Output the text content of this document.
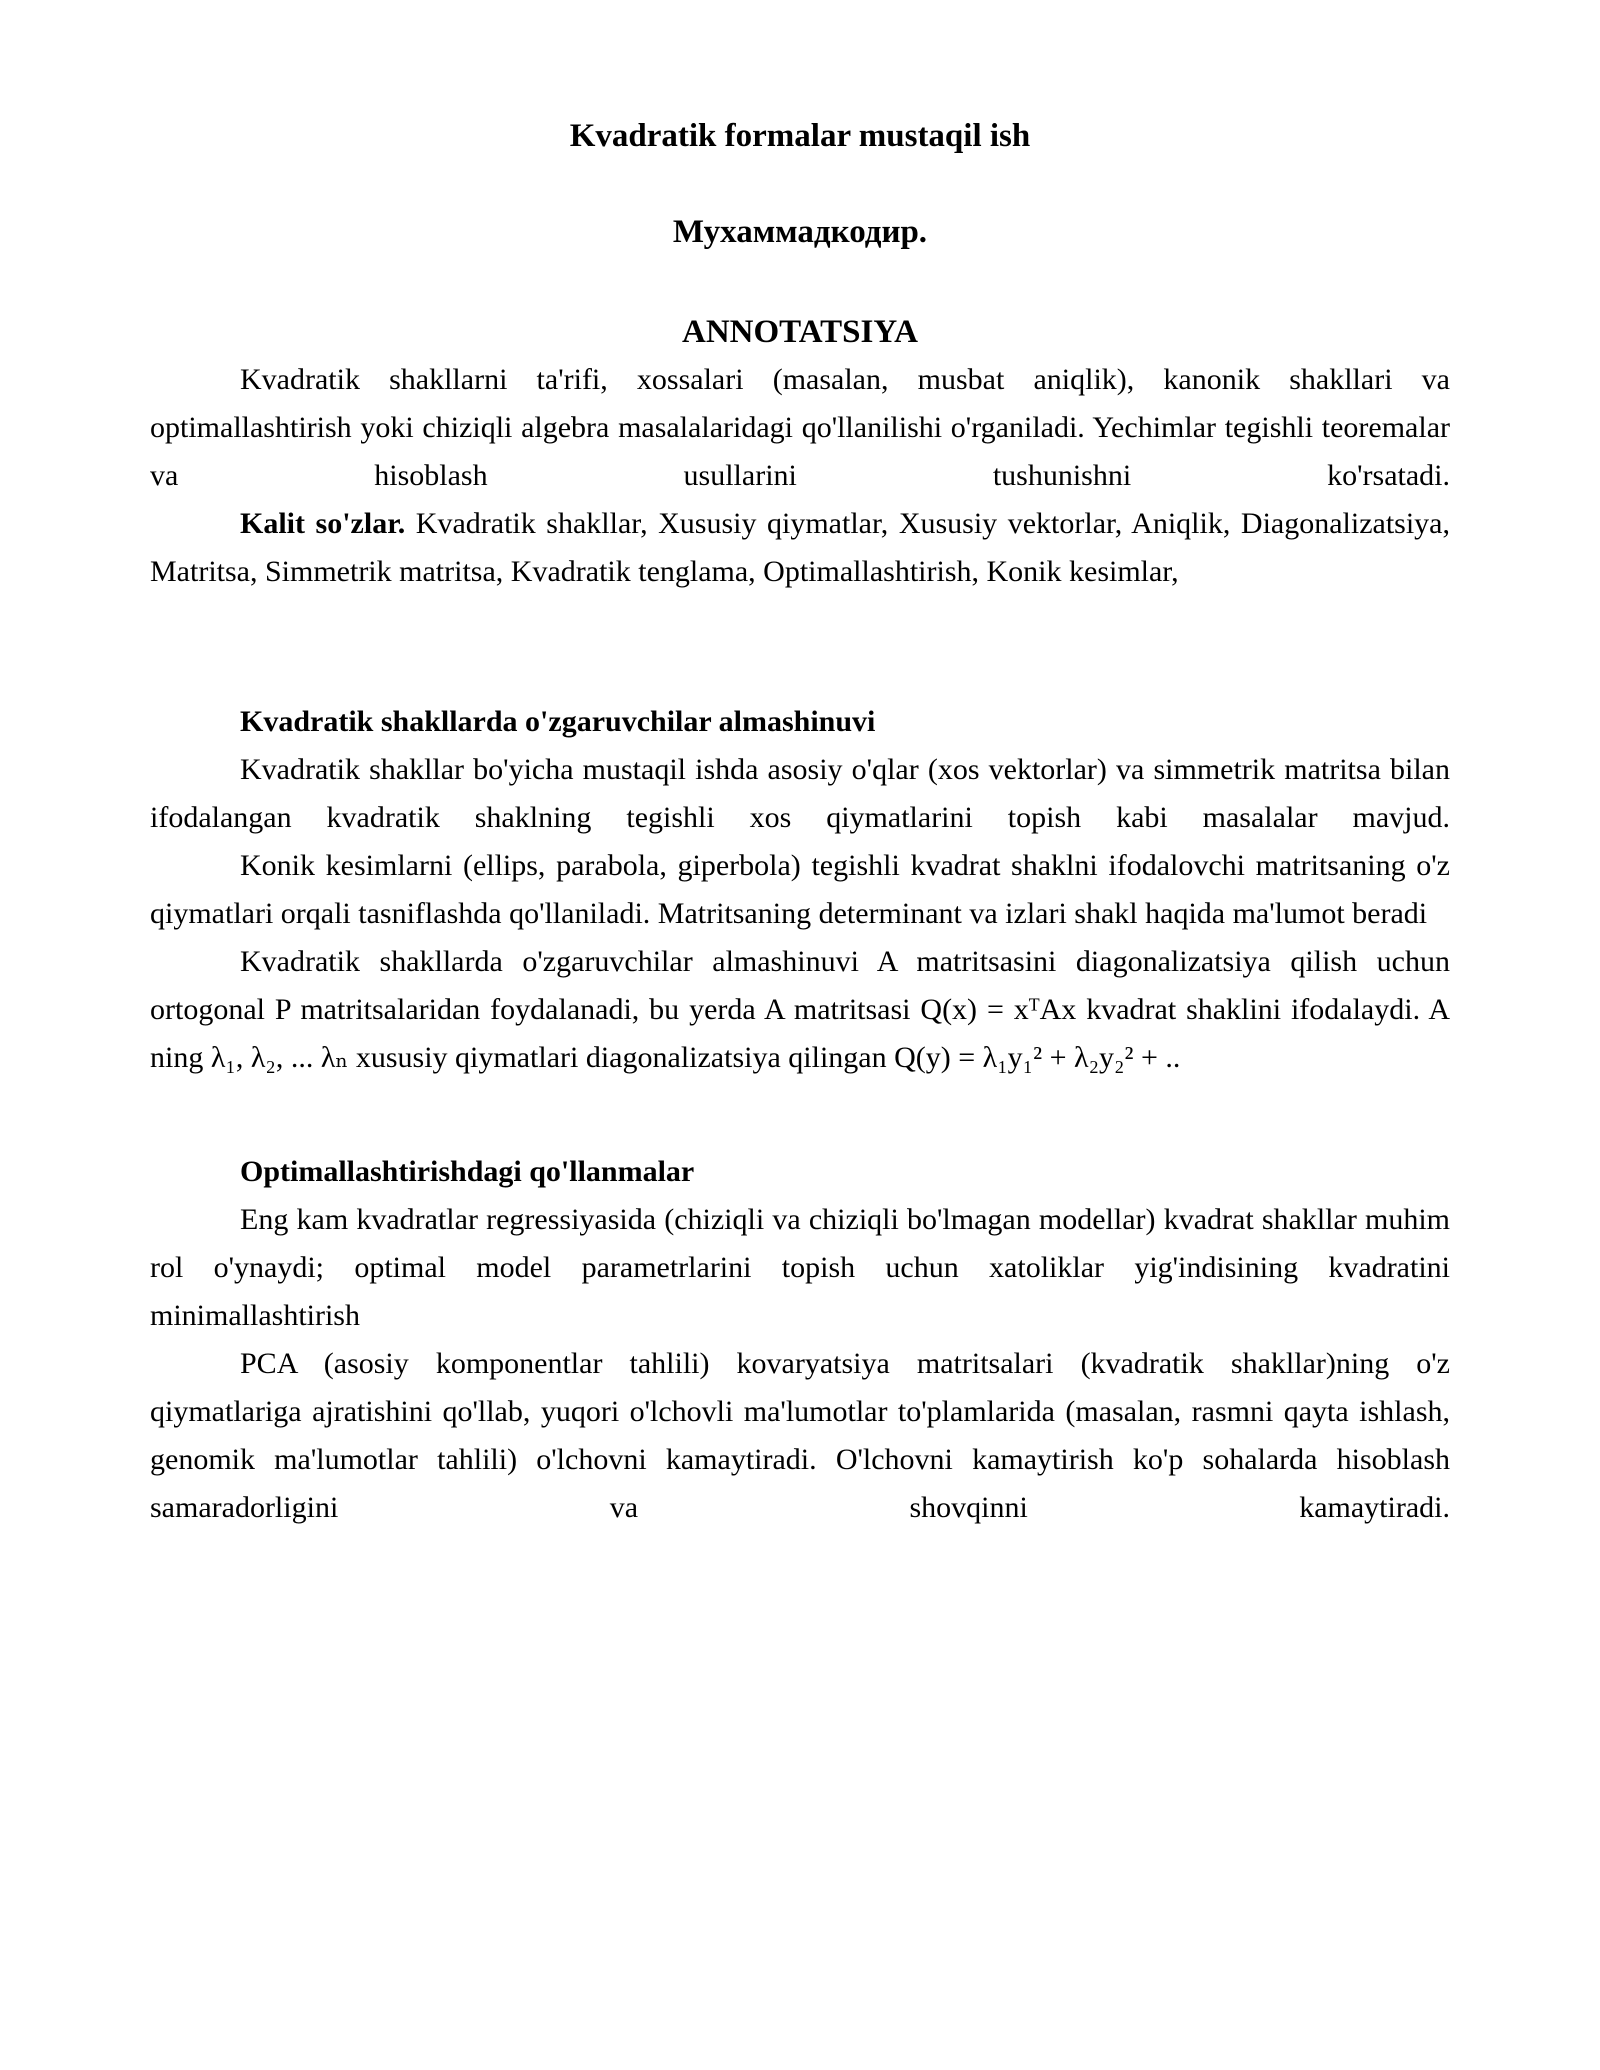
Kvadratik formalar mustaqil ish

Мухаммадкодир.

ANNOTATSIYA

Kvadratik shakllarni ta'rifi, xossalari (masalan, musbat aniqlik), kanonik shakllari va optimallashtirish yoki chiziqli algebra masalalaridagi qo'llanilishi o'rganiladi. Yechimlar tegishli teoremalar va hisoblash usullarini tushunishni ko'rsatadi.

Kalit so'zlar. Kvadratik shakllar, Xususiy qiymatlar, Xususiy vektorlar, Aniqlik, Diagonalizatsiya, Matritsa, Simmetrik matritsa, Kvadratik tenglama, Optimallashtirish, Konik kesimlar,

Kvadratik shakllarda o'zgaruvchilar almashinuvi

Kvadratik shakllar bo'yicha mustaqil ishda asosiy o'qlar (xos vektorlar) va simmetrik matritsa bilan ifodalangan kvadratik shaklning tegishli xos qiymatlarini topish kabi masalalar mavjud.

Konik kesimlarni (ellips, parabola, giperbola) tegishli kvadrat shaklni ifodalovchi matritsaning o'z qiymatlari orqali tasniflashda qo'llaniladi. Matritsaning determinant va izlari shakl haqida ma'lumot beradi

Kvadratik shakllarda o'zgaruvchilar almashinuvi A matritsasini diagonalizatsiya qilish uchun ortogonal P matritsalaridan foydalanadi, bu yerda A matritsasi Q(x) = xᵀAx kvadrat shaklini ifodalaydi. A ning λ₁, λ₂, ... λₙ xususiy qiymatlari diagonalizatsiya qilingan Q(y) = λ₁y₁² + λ₂y₂² + ..

Optimallashtirishdagi qo'llanmalar

Eng kam kvadratlar regressiyasida (chiziqli va chiziqli bo'lmagan modellar) kvadrat shakllar muhim rol o'ynaydi; optimal model parametrlarini topish uchun xatoliklar yig'indisining kvadratini minimallashtirish

PCA (asosiy komponentlar tahlili) kovaryatsiya matritsalari (kvadratik shakllar)ning o'z qiymatlariga ajratishini qo'llab, yuqori o'lchovli ma'lumotlar to'plamlarida (masalan, rasmni qayta ishlash, genomik ma'lumotlar tahlili) o'lchovni kamaytiradi. O'lchovni kamaytirish ko'p sohalarda hisoblash samaradorligini va shovqinni kamaytiradi.
